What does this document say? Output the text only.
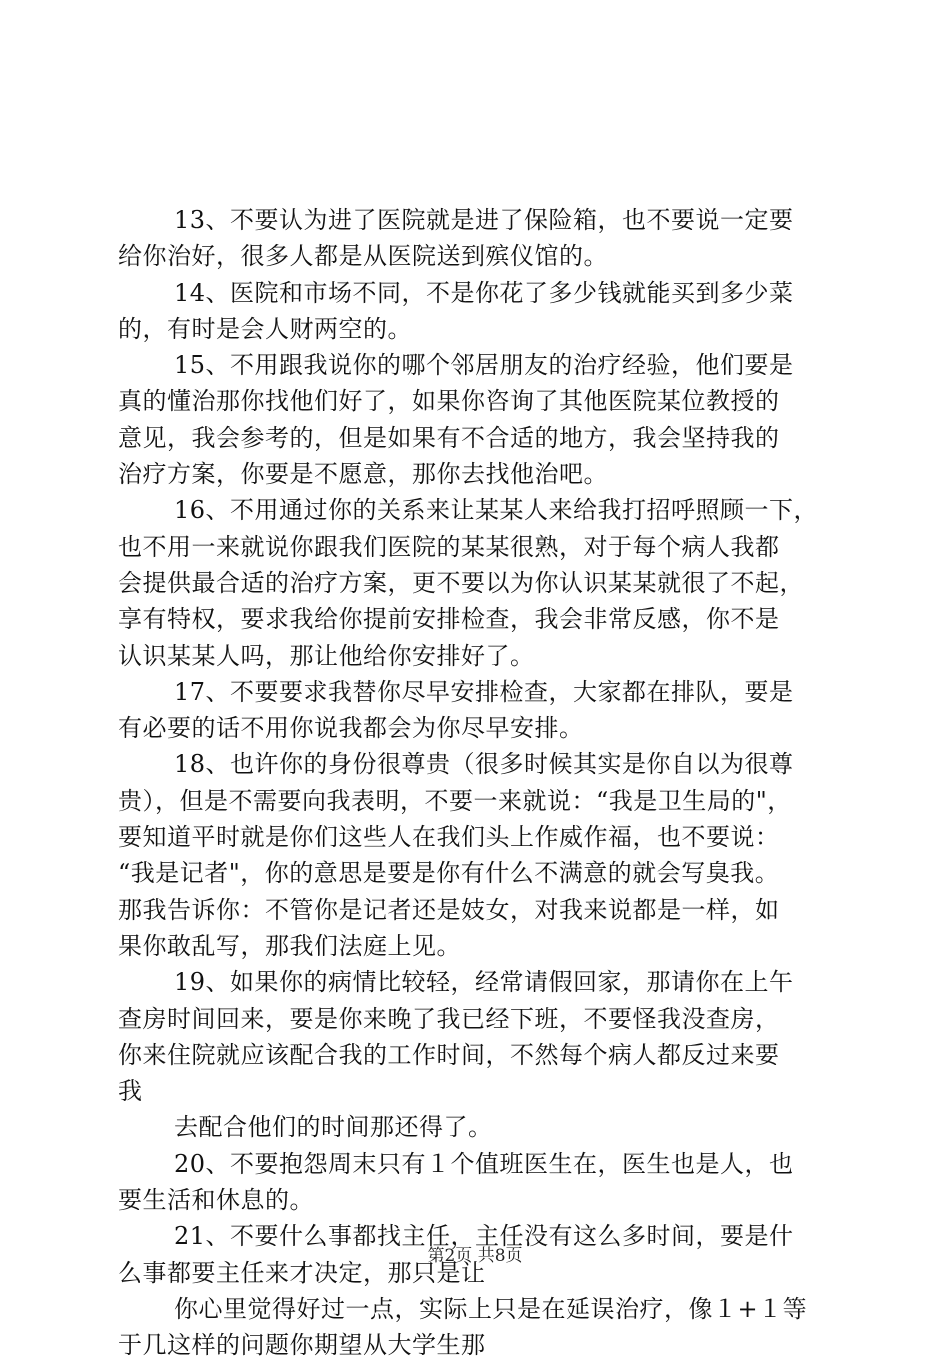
13、不要认为进了医院就是进了保险箱，也不要说一定要
给你治好，很多人都是从医院送到殡仪馆的。
14、医院和市场不同，不是你花了多少钱就能买到多少菜
的，有时是会人财两空的。
15、不用跟我说你的哪个邻居朋友的治疗经验，他们要是
真的懂治那你找他们好了，如果你咨询了其他医院某位教授的
意见，我会参考的，但是如果有不合适的地方，我会坚持我的
治疗方案，你要是不愿意，那你去找他治吧。
16、不用通过你的关系来让某某人来给我打招呼照顾一下，
也不用一来就说你跟我们医院的某某很熟，对于每个病人我都
会提供最合适的治疗方案，更不要以为你认识某某就很了不起，
享有特权，要求我给你提前安排检查，我会非常反感，你不是
认识某某人吗，那让他给你安排好了。
17、不要要求我替你尽早安排检查，大家都在排队，要是
有必要的话不用你说我都会为你尽早安排。
18、也许你的身份很尊贵（很多时候其实是你自以为很尊
贵），但是不需要向我表明，不要一来就说：“我是卫生局的"，
要知道平时就是你们这些人在我们头上作威作福，也不要说：
“我是记者"，你的意思是要是你有什么不满意的就会写臭我。
那我告诉你：不管你是记者还是妓女，对我来说都是一样，如
果你敢乱写，那我们法庭上见。
19、如果你的病情比较轻，经常请假回家，那请你在上午
查房时间回来，要是你来晚了我已经下班，不要怪我没查房，
你来住院就应该配合我的工作时间，不然每个病人都反过来要
我
去配合他们的时间那还得了。
20、不要抱怨周末只有１个值班医生在，医生也是人，也
要生活和休息的。
21、不要什么事都找主任，主任没有这么多时间，要是什
么事都要主任来才决定，那只是让
你心里觉得好过一点，实际上只是在延误治疗，像１+１等
于几这样的问题你期望从大学生那
第2页 共8页
